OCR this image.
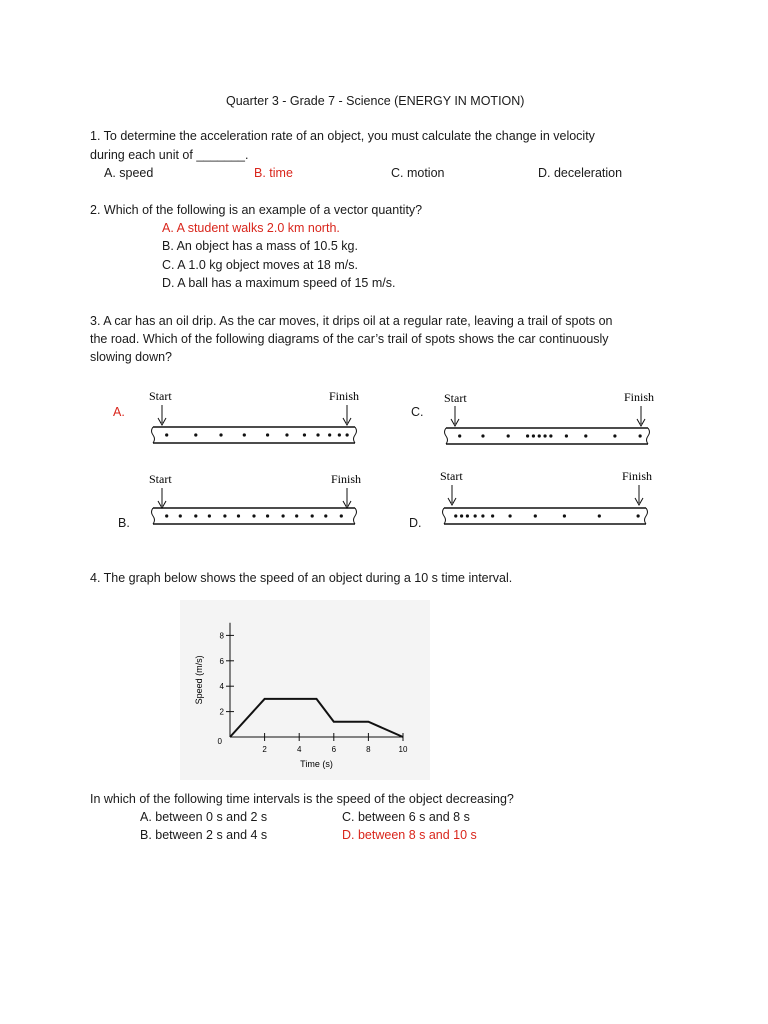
Quarter 3 - Grade 7 - Science (ENERGY IN MOTION)
1. To determine the acceleration rate of an object, you must calculate the change in velocity
during each unit of _______.
A. speed	B. time	C. motion	D. deceleration
2. Which of the following is an example of a vector quantity?
A. A student walks 2.0 km north.
B. An object has a mass of 10.5 kg.
C. A 1.0 kg object moves at 18 m/s.
D. A ball has a maximum speed of 15 m/s.
3. A car has an oil drip. As the car moves, it drips oil at a regular rate, leaving a trail of spots on
the road. Which of the following diagrams of the car’s trail of spots shows the car continuously
slowing down?
A.
B.
C.
D.
Start	Finish
Start	Finish
Start	Finish
Start	Finish
4. The graph below shows the speed of an object during a 10 s time interval.
2	4	6	8	10
2
4
6
8
0
Time (s)
Speed (m/s)
In which of the following time intervals is the speed of the object decreasing?
A. between 0 s and 2 s
B. between 2 s and 4 s
C. between 6 s and 8 s
D. between 8 s and 10 s
